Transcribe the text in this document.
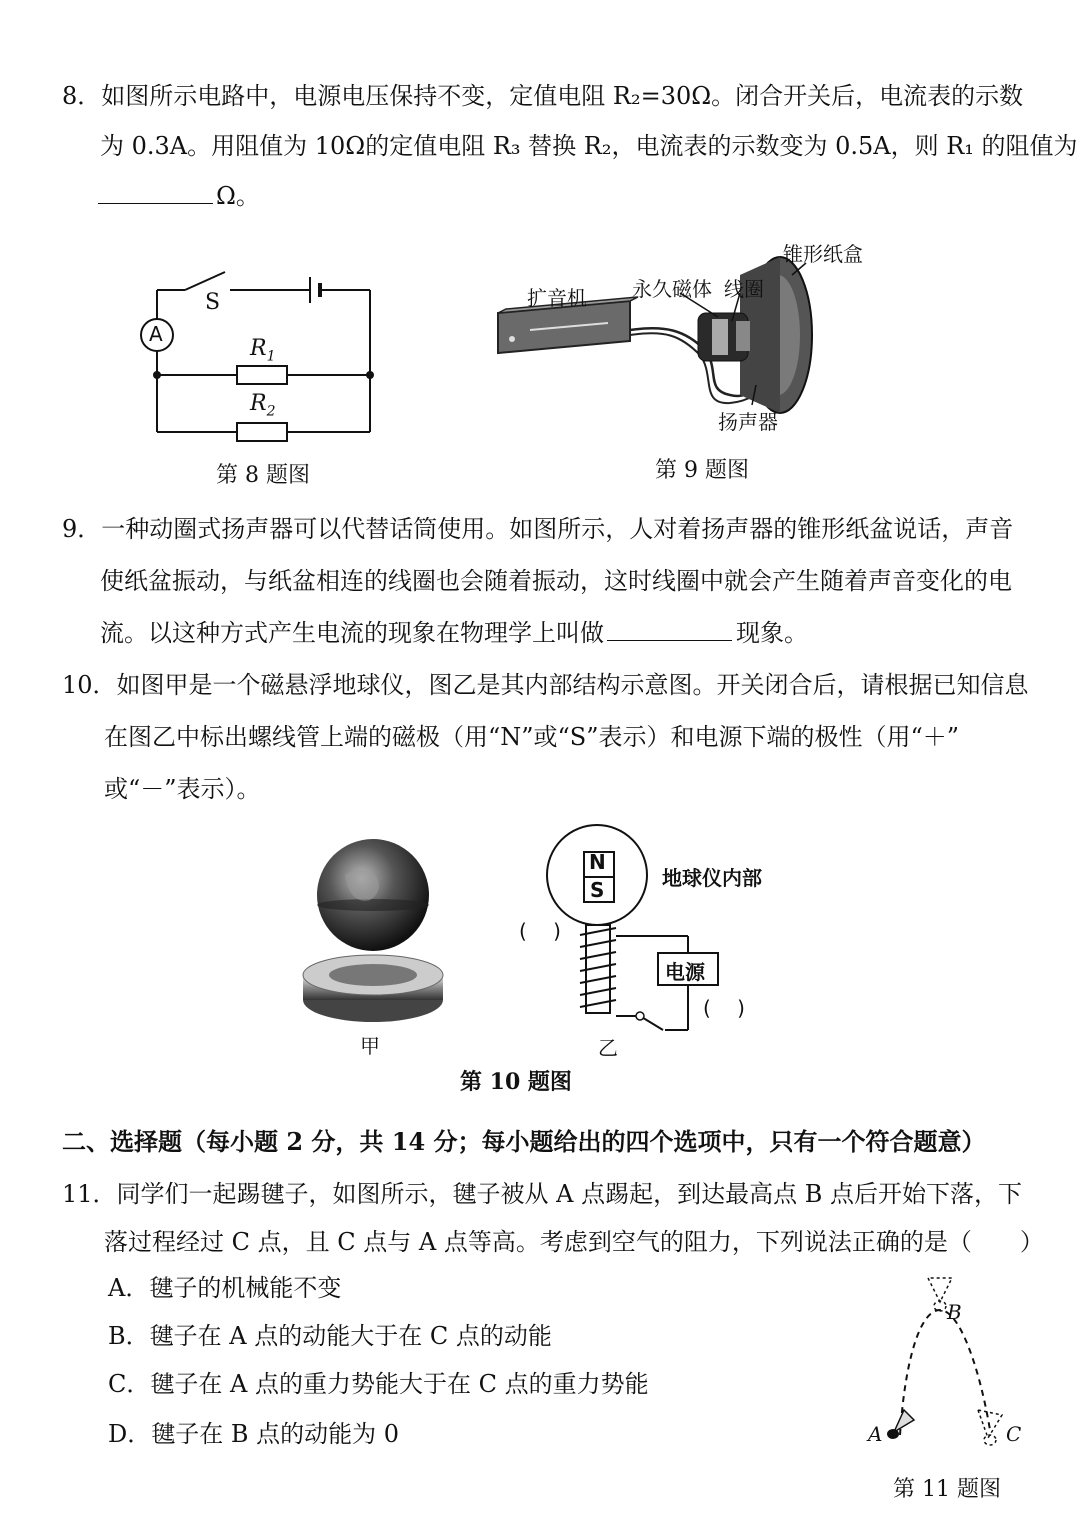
8．如图所示电路中，电源电压保持不变，定值电阻 R₂=30Ω。闭合开关后，电流表的示数
为 0.3A。用阻值为 10Ω的定值电阻 R₃ 替换 R₂，电流表的示数变为 0.5A，则 R₁ 的阻值为
Ω。
S
A
$R_1$
$R_2$
第 8 题图
扩音机 永久磁体 线圈
锥形纸盒
扬声器
第 9 题图
9．一种动圈式扬声器可以代替话筒使用。如图所示，人对着扬声器的锥形纸盆说话，声音
使纸盆振动，与纸盆相连的线圈也会随着振动，这时线圈中就会产生随着声音变化的电
流。以这种方式产生电流的现象在物理学上叫做	现象。
10．如图甲是一个磁悬浮地球仪，图乙是其内部结构示意图。开关闭合后，请根据已知信息
在图乙中标出螺线管上端的磁极（用“N”或“S”表示）和电源下端的极性（用“＋”
或“－”表示）。
甲
N
S	地球仪内部
(　 )
电源
(　 )
乙
第 10 题图
二、选择题（每小题 2 分，共 14 分；每小题给出的四个选项中，只有一个符合题意）
11．同学们一起踢毽子，如图所示，毽子被从 A 点踢起，到达最高点 B 点后开始下落，下
落过程经过 C 点，且 C 点与 A 点等高。考虑到空气的阻力，下列说法正确的是（　　）
A．毽子的机械能不变
B．毽子在 A 点的动能大于在 C 点的动能
C．毽子在 A 点的重力势能大于在 C 点的重力势能
D．毽子在 B 点的动能为 0
B
A	C
第 11 题图
